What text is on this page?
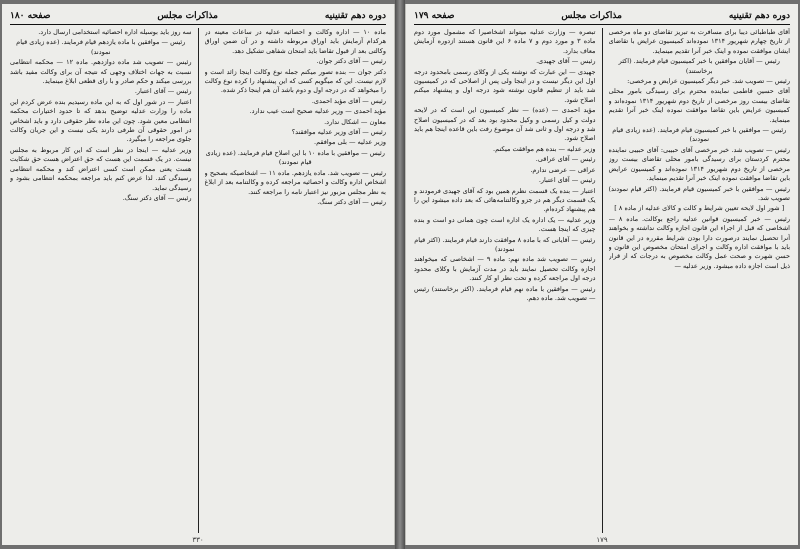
دوره دهم تقنینیه
مذاکرات مجلس
صفحه ۱۸۰

ماده ۱۰ — اداره وکالت و احصائیه عدلیه در ساعات معینه در هرکدام آزمایش باید اوراق مربوطه داشته و در آن ضمن اوراق وکالتی بعد از قبول تقاضا باید امتحان شفاهی تشکیل دهد.

رئیس — آقای دکتر جوان.

دکتر جوان — بنده تصور میکنم جمله نوع وکالت اینجا زائد است و لازم نیست. این که میگویم کسی که این پیشنهاد را کرده نوع وکالت را میخواهد که در درجه اول و دوم باشد آن هم اینجا ذکر شده.

رئیس — آقای مؤید احمدی.

مؤید احمدی — وزیر عدلیه صحیح است عیب ندارد.

معاون — اشکال ندارد.

رئیس — آقای وزیر عدلیه موافقند؟

وزیر عدلیه — بلی موافقم.

رئیس — موافقین با ماده ۱۰ با این اصلاح قیام فرمایند. (عده زیادی قیام نمودند)

رئیس — تصویب شد. ماده یازدهم. ماده ۱۱ — اشخاصیکه بصحیح و اشخاص اداره وکالت و احصائیه مراجعه کرده و وکالتنامه بعد از ابلاغ به نظر مجلس مزبور نیز اعتبار نامه را مراجعه کنند.

رئیس — آقای دکتر سنگ.

سه روز باید بوسیله اداره احصائیه استخدامی ارسال دارد.

رئیس — موافقین با ماده یازدهم قیام فرمایند. (عده زیادی قیام نمودند)

رئیس — تصویب شد ماده دوازدهم. ماده ۱۲ — محکمه انتظامی نسبت به جهات اختلاف وجهی که نتیجه آن برای وکالت مفید باشد بررسی میکند و حکم صادر و با رای قطعی ابلاغ مینماید.

رئیس — آقای اعتبار.

اعتبار — در شور اول که به این ماده رسیدیم بنده عرض کردم این ماده را وزارت عدلیه توضیح بدهد که تا حدود اختیارات محکمه انتظامی معین شود. چون این ماده نظر حقوقی دارد و باید اشخاص در امور حقوقی آن طرفی دارند یکی نیست و این جریان وکالت جلوی مراجعه را میگیرد.

وزیر عدلیه — اینجا در نظر است که این کار مربوط به مجلس نیست. در یک قسمت این هست که حق اعتراض هست حق شکایت هست یعنی ممکن است کسی اعتراض کند و محکمه انتظامی رسیدگی کند. لذا عرض کنم باید مراجعه بمحکمه انتظامی بشود و رسیدگی نماید.

رئیس — آقای دکتر سنگ.

۳۳۰
دوره دهم تقنینیه
مذاکرات مجلس
صفحه ۱۷۹

آقای طباطبائی دیبا برای مسافرت به تبریز تقاضای دو ماه مرخصی از تاریخ چهارم شهریور ۱۳۱۴ نموده‌اند کمیسیون عرایض با تقاضای ایشان موافقت نموده و اینک خبر آنرا تقدیم مینماید.

رئیس — آقایان موافقین با خبر کمیسیون قیام فرمایند. (اکثر برخاستند)

رئیس — تصویب شد. خبر دیگر کمیسیون عرایض و مرخصی:

آقای حسین فاطمی نماینده محترم برای رسیدگی بامور محلی تقاضای بیست روز مرخصی از تاریخ دوم شهریور ۱۳۱۴ نموده‌اند و کمیسیون عرایض باین تقاضا موافقت نموده اینک خبر آنرا تقدیم مینماید.

رئیس — موافقین با خبر کمیسیون قیام فرمایند. (عده زیادی قیام نمودند)

رئیس — تصویب شد. خبر مرخصی آقای حبیبی: آقای حبیبی نماینده محترم کردستان برای رسیدگی بامور محلی تقاضای بیست روز مرخصی از تاریخ دوم شهریور ۱۳۱۴ نموده‌اند و کمیسیون عرایض باین تقاضا موافقت نموده اینک خبر آنرا تقدیم مینماید.

رئیس — موافقین با خبر کمیسیون قیام فرمایند. (اکثر قیام نمودند) تصویب شد.

[ شور اول لایحه تعیین شرایط و کالت و کالای عدلیه از ماده ۸ ]

رئیس — خبر کمیسیون قوانین عدلیه راجع بوکالت. ماده ۸ — اشخاصی که قبل از اجراء این قانون اجازه وکالت نداشته و بخواهند آنرا تحصیل نمایند درصورت دارا بودن شرایط مقرره در این قانون باید با موافقت اداره وکالت و اجرای امتحان مخصوص این قانون و حسن شهرت و صحت عمل وکالت مخصوص به درجات که از قرار ذیل است اجازه داده میشود. وزیر عدلیه —

تبصره — وزارت عدلیه میتواند اشخاصیرا که مشمول مورد دوم ماده ۳ و مورد دوم و ۷ ماده ۶ این قانون هستند ازدوره آزمایش معاف بدارد.

رئیس — آقای جهیدی.

جهیدی — این عبارت که نوشته یکی از وکلای رسمی بامحدود درجه اول این دیگر نیست و در اینجا ولی پس از اصلاحی که در کمیسیون شد باید از تنظیم قانون نوشته شود درجه اول و پیشنهاد میکنم اصلاح شود.

مؤید احمدی — (عده) — نظر کمیسیون این است که در لایحه دولت و کیل رسمی و وکیل محدود بود بعد که در کمیسیون اصلاح شد و درجه اول و ثانی شد آن موضوع رفت باین قاعده اینجا هم باید اصلاح شود.

وزیر عدلیه — بنده هم موافقت میکنم.

رئیس — آقای عراقی.

عراقی — عرضی ندارم.

رئیس — آقای اعتبار.

اعتبار — بنده یک قسمت نظرم همین بود که آقای جهیدی فرمودند و یک قسمت دیگر هم در جزو وکالتنامه‌هائی که بعد داده میشود این را هم پیشنهاد کرده‌ام.

وزیر عدلیه — یک اداره یک اداره است چون همانی دو است و بنده چیزی که اینجا هست.

رئیس — آقایانی که با ماده ۸ موافقت دارند قیام فرمایند. (اکثر قیام نمودند)

رئیس — تصویب شد ماده نهم: ماده ۹ — اشخاصی که میخواهند اجازه وکالت تحصیل نمایند باید در مدت آزمایش با وکلای محدود درجه اول مراجعه کرده و تحت نظر او کار کنند.

رئیس — موافقین با ماده نهم قیام فرمایند. (اکثر برخاستند) رئیس — تصویب شد. ماده دهم.

۱۷۹
